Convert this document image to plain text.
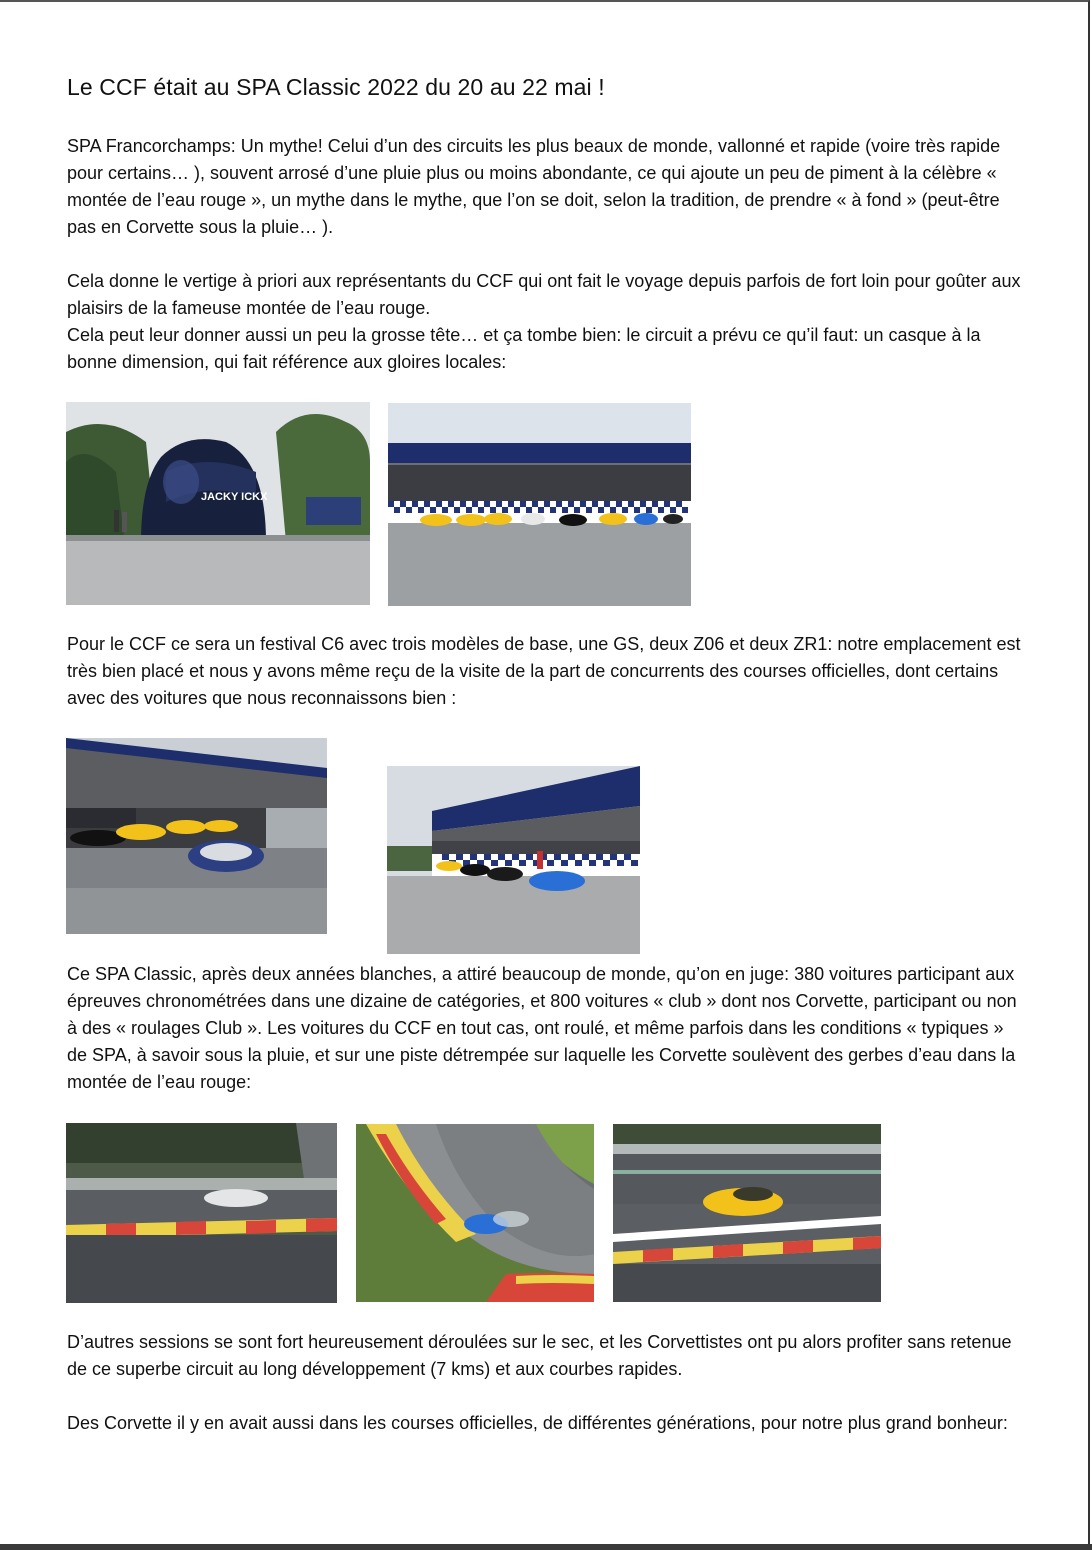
Le CCF était au SPA Classic 2022 du 20 au 22 mai !

SPA Francorchamps: Un mythe! Celui d’un des circuits les plus beaux de monde, vallonné et rapide (voire très rapide pour certains… ), souvent arrosé d’une pluie plus ou moins abondante, ce qui ajoute un peu de piment à la célèbre « montée de l’eau rouge », un mythe dans le mythe, que l’on se doit, selon la tradition, de prendre « à fond » (peut-être pas en Corvette sous la pluie… ).

Cela donne le vertige à priori aux représentants du CCF qui ont fait le voyage depuis parfois de fort loin pour goûter aux plaisirs de la fameuse montée de l’eau rouge.

Cela peut leur donner aussi un peu la grosse tête… et ça tombe bien: le circuit a prévu ce qu’il faut: un casque à la bonne dimension, qui fait référence aux gloires locales:

JACKY ICKX

Pour le CCF ce sera un festival C6 avec trois modèles de base, une GS, deux Z06 et deux ZR1: notre emplacement est très bien placé et nous y avons même reçu de la visite de la part de concurrents des courses officielles, dont certains avec des voitures que nous reconnaissons bien :

Ce SPA Classic, après deux années blanches, a attiré beaucoup de monde, qu’on en juge: 380 voitures participant aux épreuves chronométrées dans une dizaine de catégories, et 800 voitures « club » dont nos Corvette, participant ou non à des « roulages Club ». Les voitures du CCF en tout cas, ont roulé, et même parfois dans les conditions « typiques » de SPA, à savoir sous la pluie, et sur une piste détrempée sur laquelle les Corvette soulèvent des gerbes d’eau dans la montée de l’eau rouge:

D’autres sessions se sont fort heureusement déroulées sur le sec, et les Corvettistes ont pu alors profiter sans retenue de ce superbe circuit au long développement (7 kms) et aux courbes rapides.

Des Corvette il y en avait aussi dans les courses officielles, de différentes générations, pour notre plus grand bonheur:
